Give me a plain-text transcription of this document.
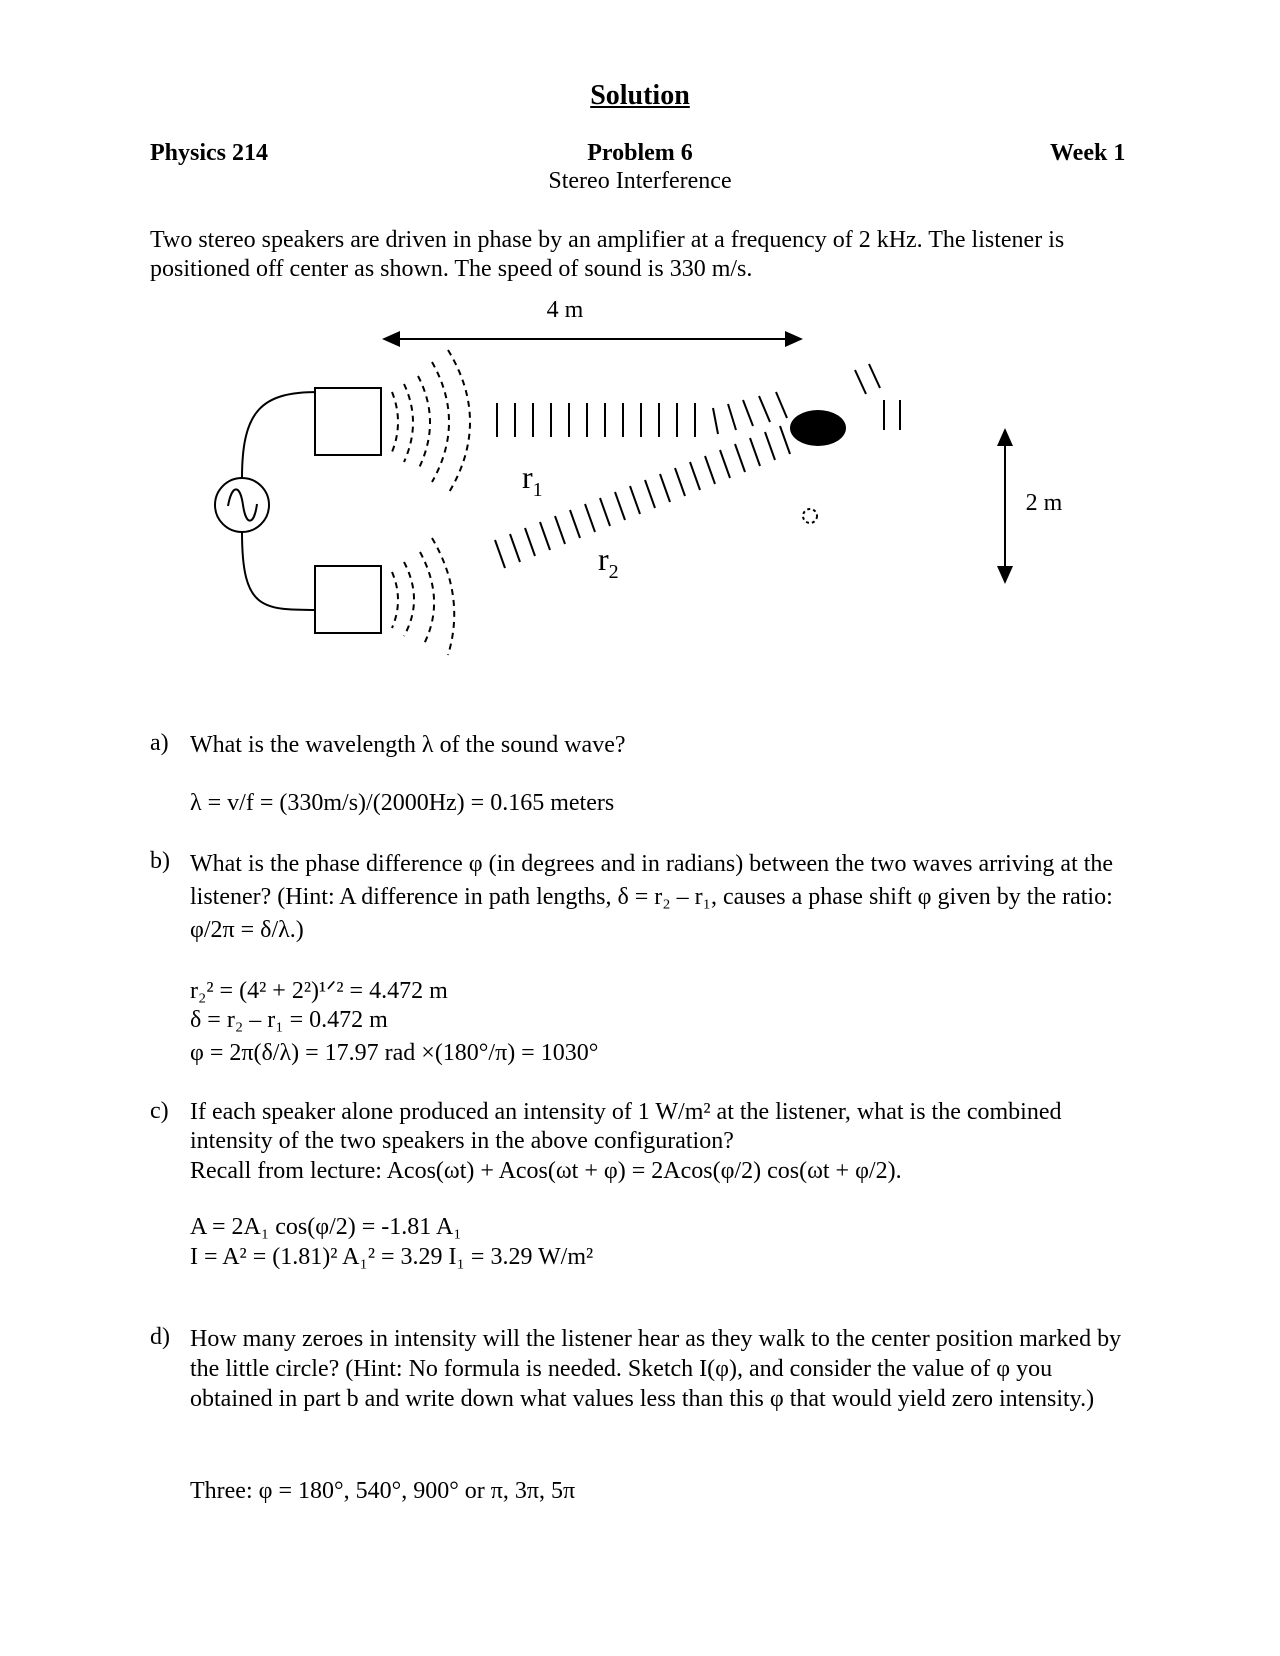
Solution
Physics 214	Problem 6	Week 1
Stereo Interference
Two stereo speakers are driven in phase by an amplifier at a frequency of 2 kHz. The listener is positioned off center as shown. The speed of sound is 330 m/s.
4 m
$r_1$
$r_2$
2 m
a) What is the wavelength λ of the sound wave?
λ = v/f = (330m/s)/(2000Hz) = 0.165 meters
b) What is the phase difference φ (in degrees and in radians) between the two waves arriving at the listener? (Hint: A difference in path lengths, δ = r₂ – r₁, causes a phase shift φ given by the ratio: φ/2π = δ/λ.)
r₂² = (4² + 2²)¹ᐟ² = 4.472 m
δ = r₂ – r₁ = 0.472 m
φ = 2π(δ/λ) = 17.97 rad ×(180°/π) = 1030°
c) If each speaker alone produced an intensity of 1 W/m² at the listener, what is the combined intensity of the two speakers in the above configuration?
Recall from lecture: Acos(ωt) + Acos(ωt + φ) = 2Acos(φ/2) cos(ωt + φ/2).
A = 2A₁ cos(φ/2) = -1.81 A₁
I = A² = (1.81)² A₁² = 3.29 I₁ = 3.29 W/m²
d) How many zeroes in intensity will the listener hear as they walk to the center position marked by the little circle? (Hint: No formula is needed. Sketch I(φ), and consider the value of φ you obtained in part b and write down what values less than this φ that would yield zero intensity.)
Three: φ = 180°, 540°, 900° or π, 3π, 5π
